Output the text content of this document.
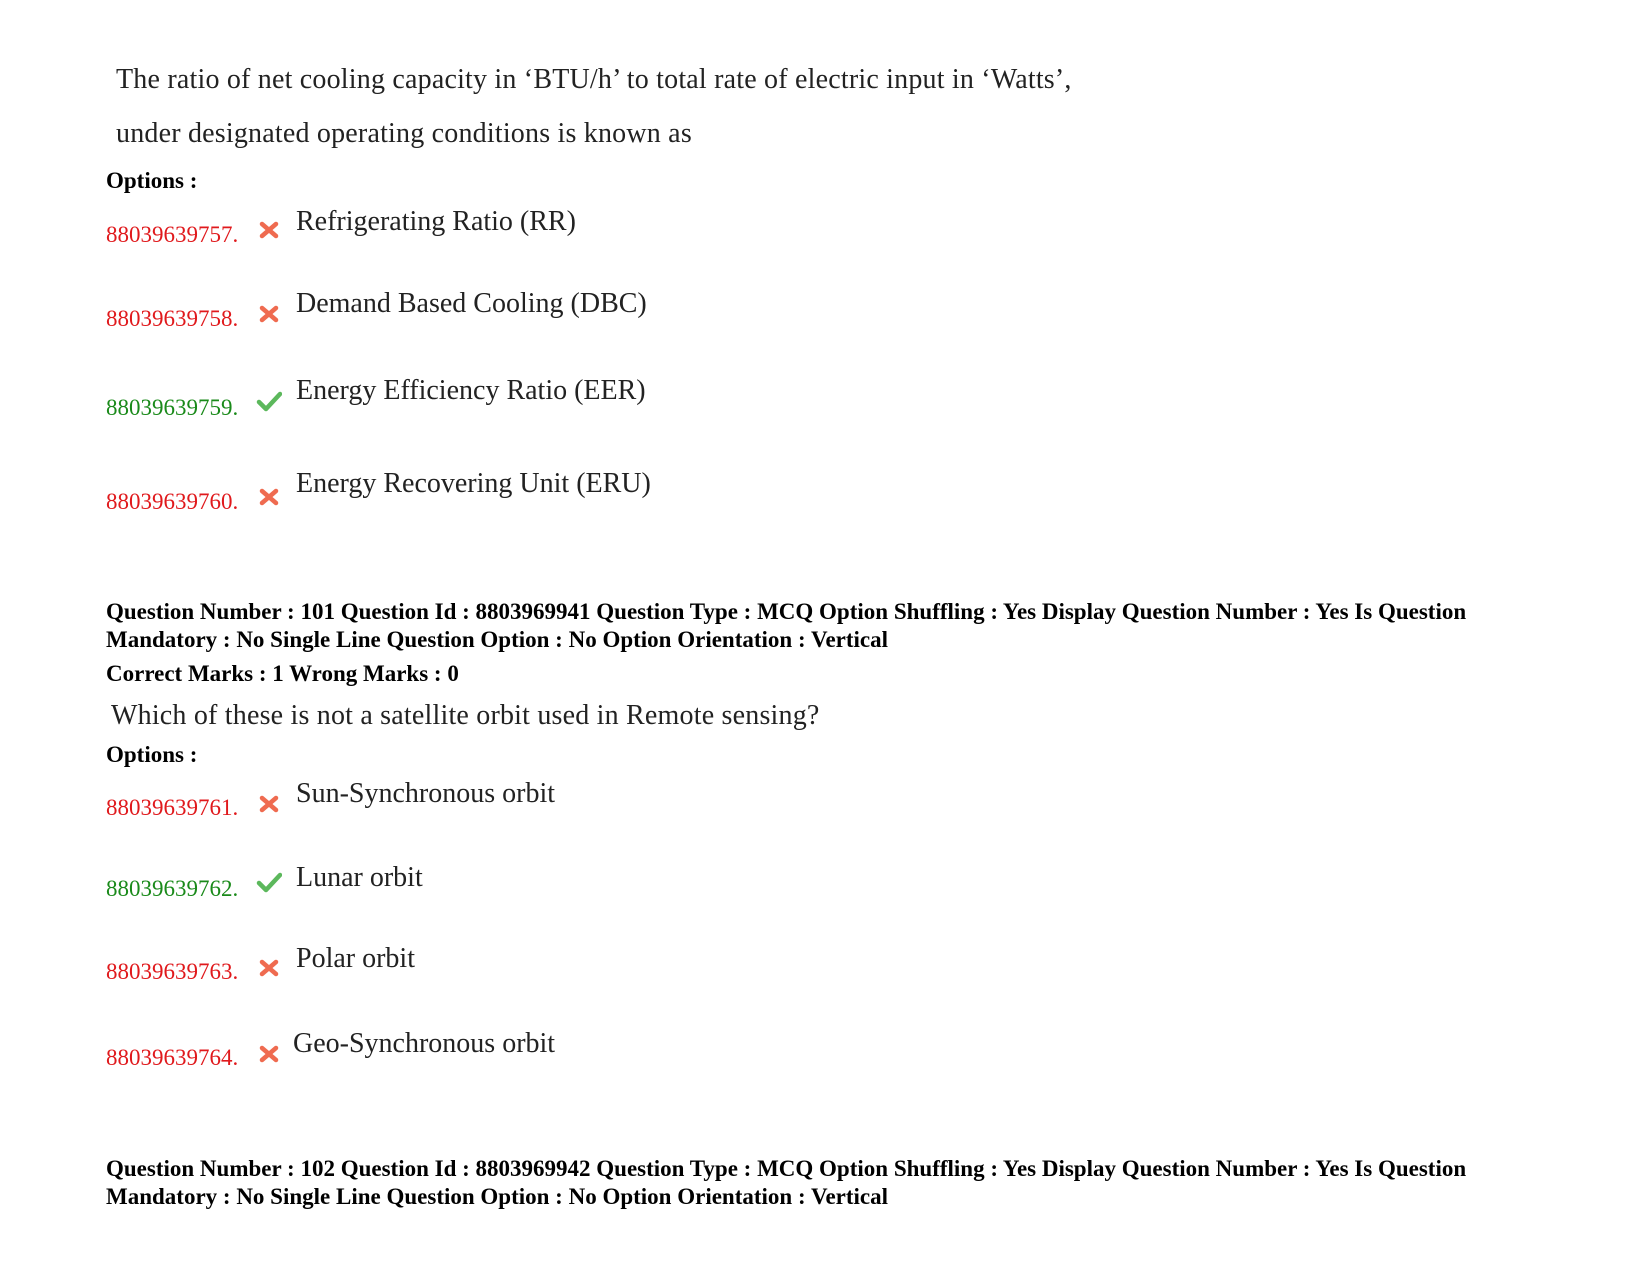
The ratio of net cooling capacity in ‘BTU/h’ to total rate of electric input in ‘Watts’,
under designated operating conditions is known as
Options :
88039639757. Refrigerating Ratio (RR)
88039639758. Demand Based Cooling (DBC)
88039639759.
Energy Efficiency Ratio (EER)
88039639760.
Energy Recovering Unit (ERU)
Question Number : 101 Question Id : 8803969941 Question Type : MCQ Option Shuffling : Yes Display Question Number : Yes Is Question Mandatory : No Single Line Question Option : No Option Orientation : Vertical
Correct Marks : 1 Wrong Marks : 0
Which of these is not a satellite orbit used in Remote sensing?
Options :
88039639761. Sun-Synchronous orbit
88039639762. Lunar orbit
88039639763. Polar orbit
88039639764. Geo-Synchronous orbit
Question Number : 102 Question Id : 8803969942 Question Type : MCQ Option Shuffling : Yes Display Question Number : Yes Is Question Mandatory : No Single Line Question Option : No Option Orientation : Vertical
